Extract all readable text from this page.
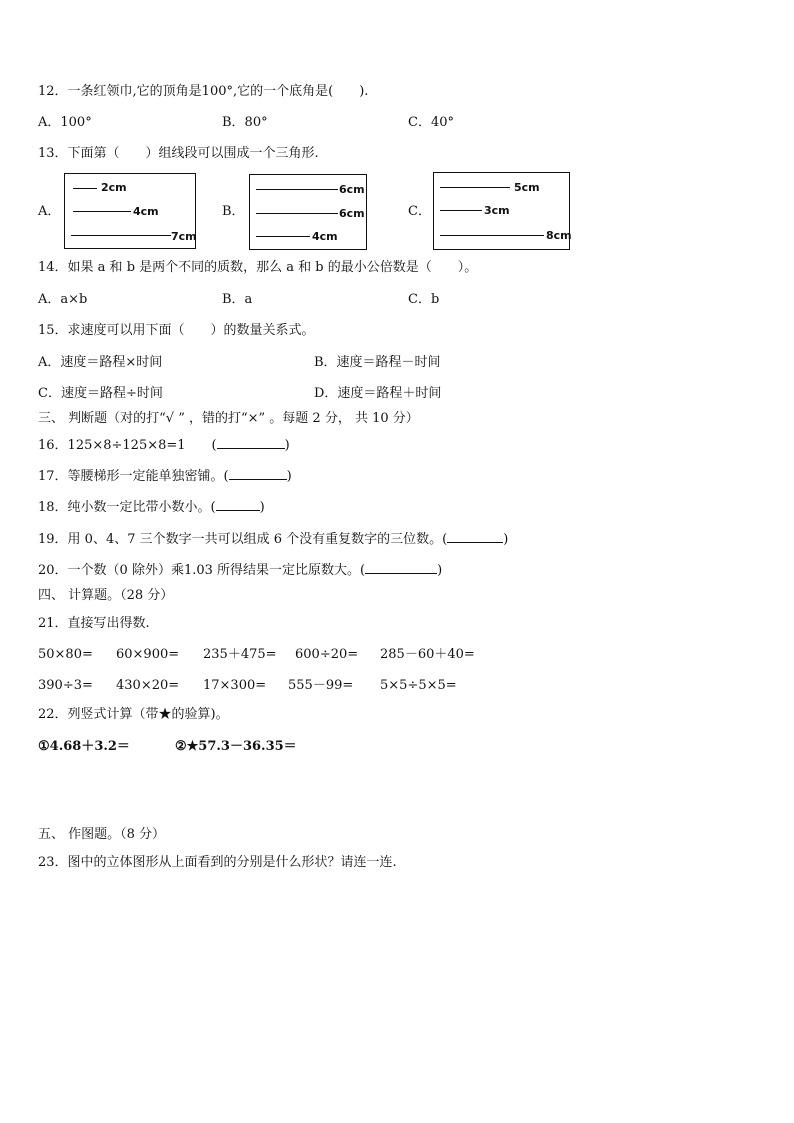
12．一条红领巾,它的顶角是100°,它的一个底角是(　　).
A．100°	B．80°	C．40°
13．下面第（　　）组线段可以围成一个三角形.
A．
2cm
4cm
7cm
B．
6cm
6cm
4cm
C．
5cm
3cm
8cm
14．如果 a 和 b 是两个不同的质数，那么 a 和 b 的最小公倍数是（　　）。
A．a×b	B．a	C．b
15．求速度可以用下面（　　）的数量关系式。
A．速度＝路程×时间	B．速度＝路程－时间
C．速度＝路程÷时间	D．速度＝路程＋时间
三、 判断题（对的打“√ ” ，错的打“×” 。每题 2 分， 共 10 分）
16．125×8÷125×8=1　　(	)
17．等腰梯形一定能单独密铺。(	)
18．纯小数一定比带小数小。(	)
19．用 0、4、7 三个数字一共可以组成 6 个没有重复数字的三位数。(	)
20．一个数（0 除外）乘1.03 所得结果一定比原数大。(	)
四、 计算题。（28 分）
21．直接写出得数.
50×80= 60×900= 235＋475= 600÷20= 285－60＋40=
390÷3= 430×20= 17×300= 555－99= 5×5÷5×5=
22．列竖式计算（带★的验算)。
①4.68＋3.2＝	②★57.3－36.35＝
五、 作图题。（8 分）
23．图中的立体图形从上面看到的分别是什么形状？请连一连.
